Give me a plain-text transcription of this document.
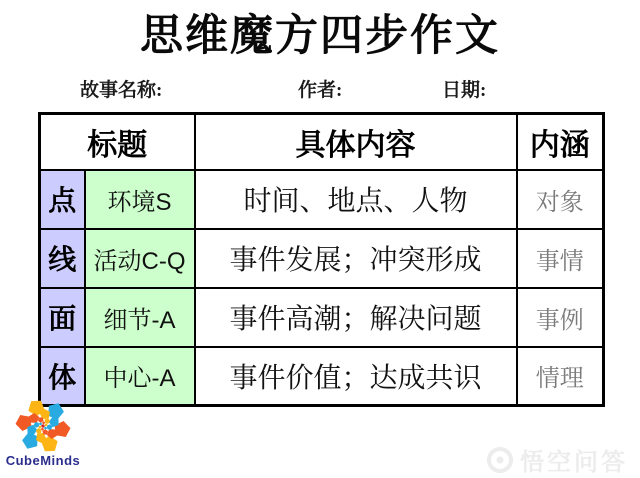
思维魔方四步作文
故事名称:	作者:	日期:
标题		具体内容	内涵
点	环境S	时间、地点、人物	对象
线	活动C-Q	事件发展；冲突形成	事情
面	细节-A	事件高潮；解决问题	事例
体	中心-A	事件价值；达成共识	情理
CubeMinds	悟空问答
